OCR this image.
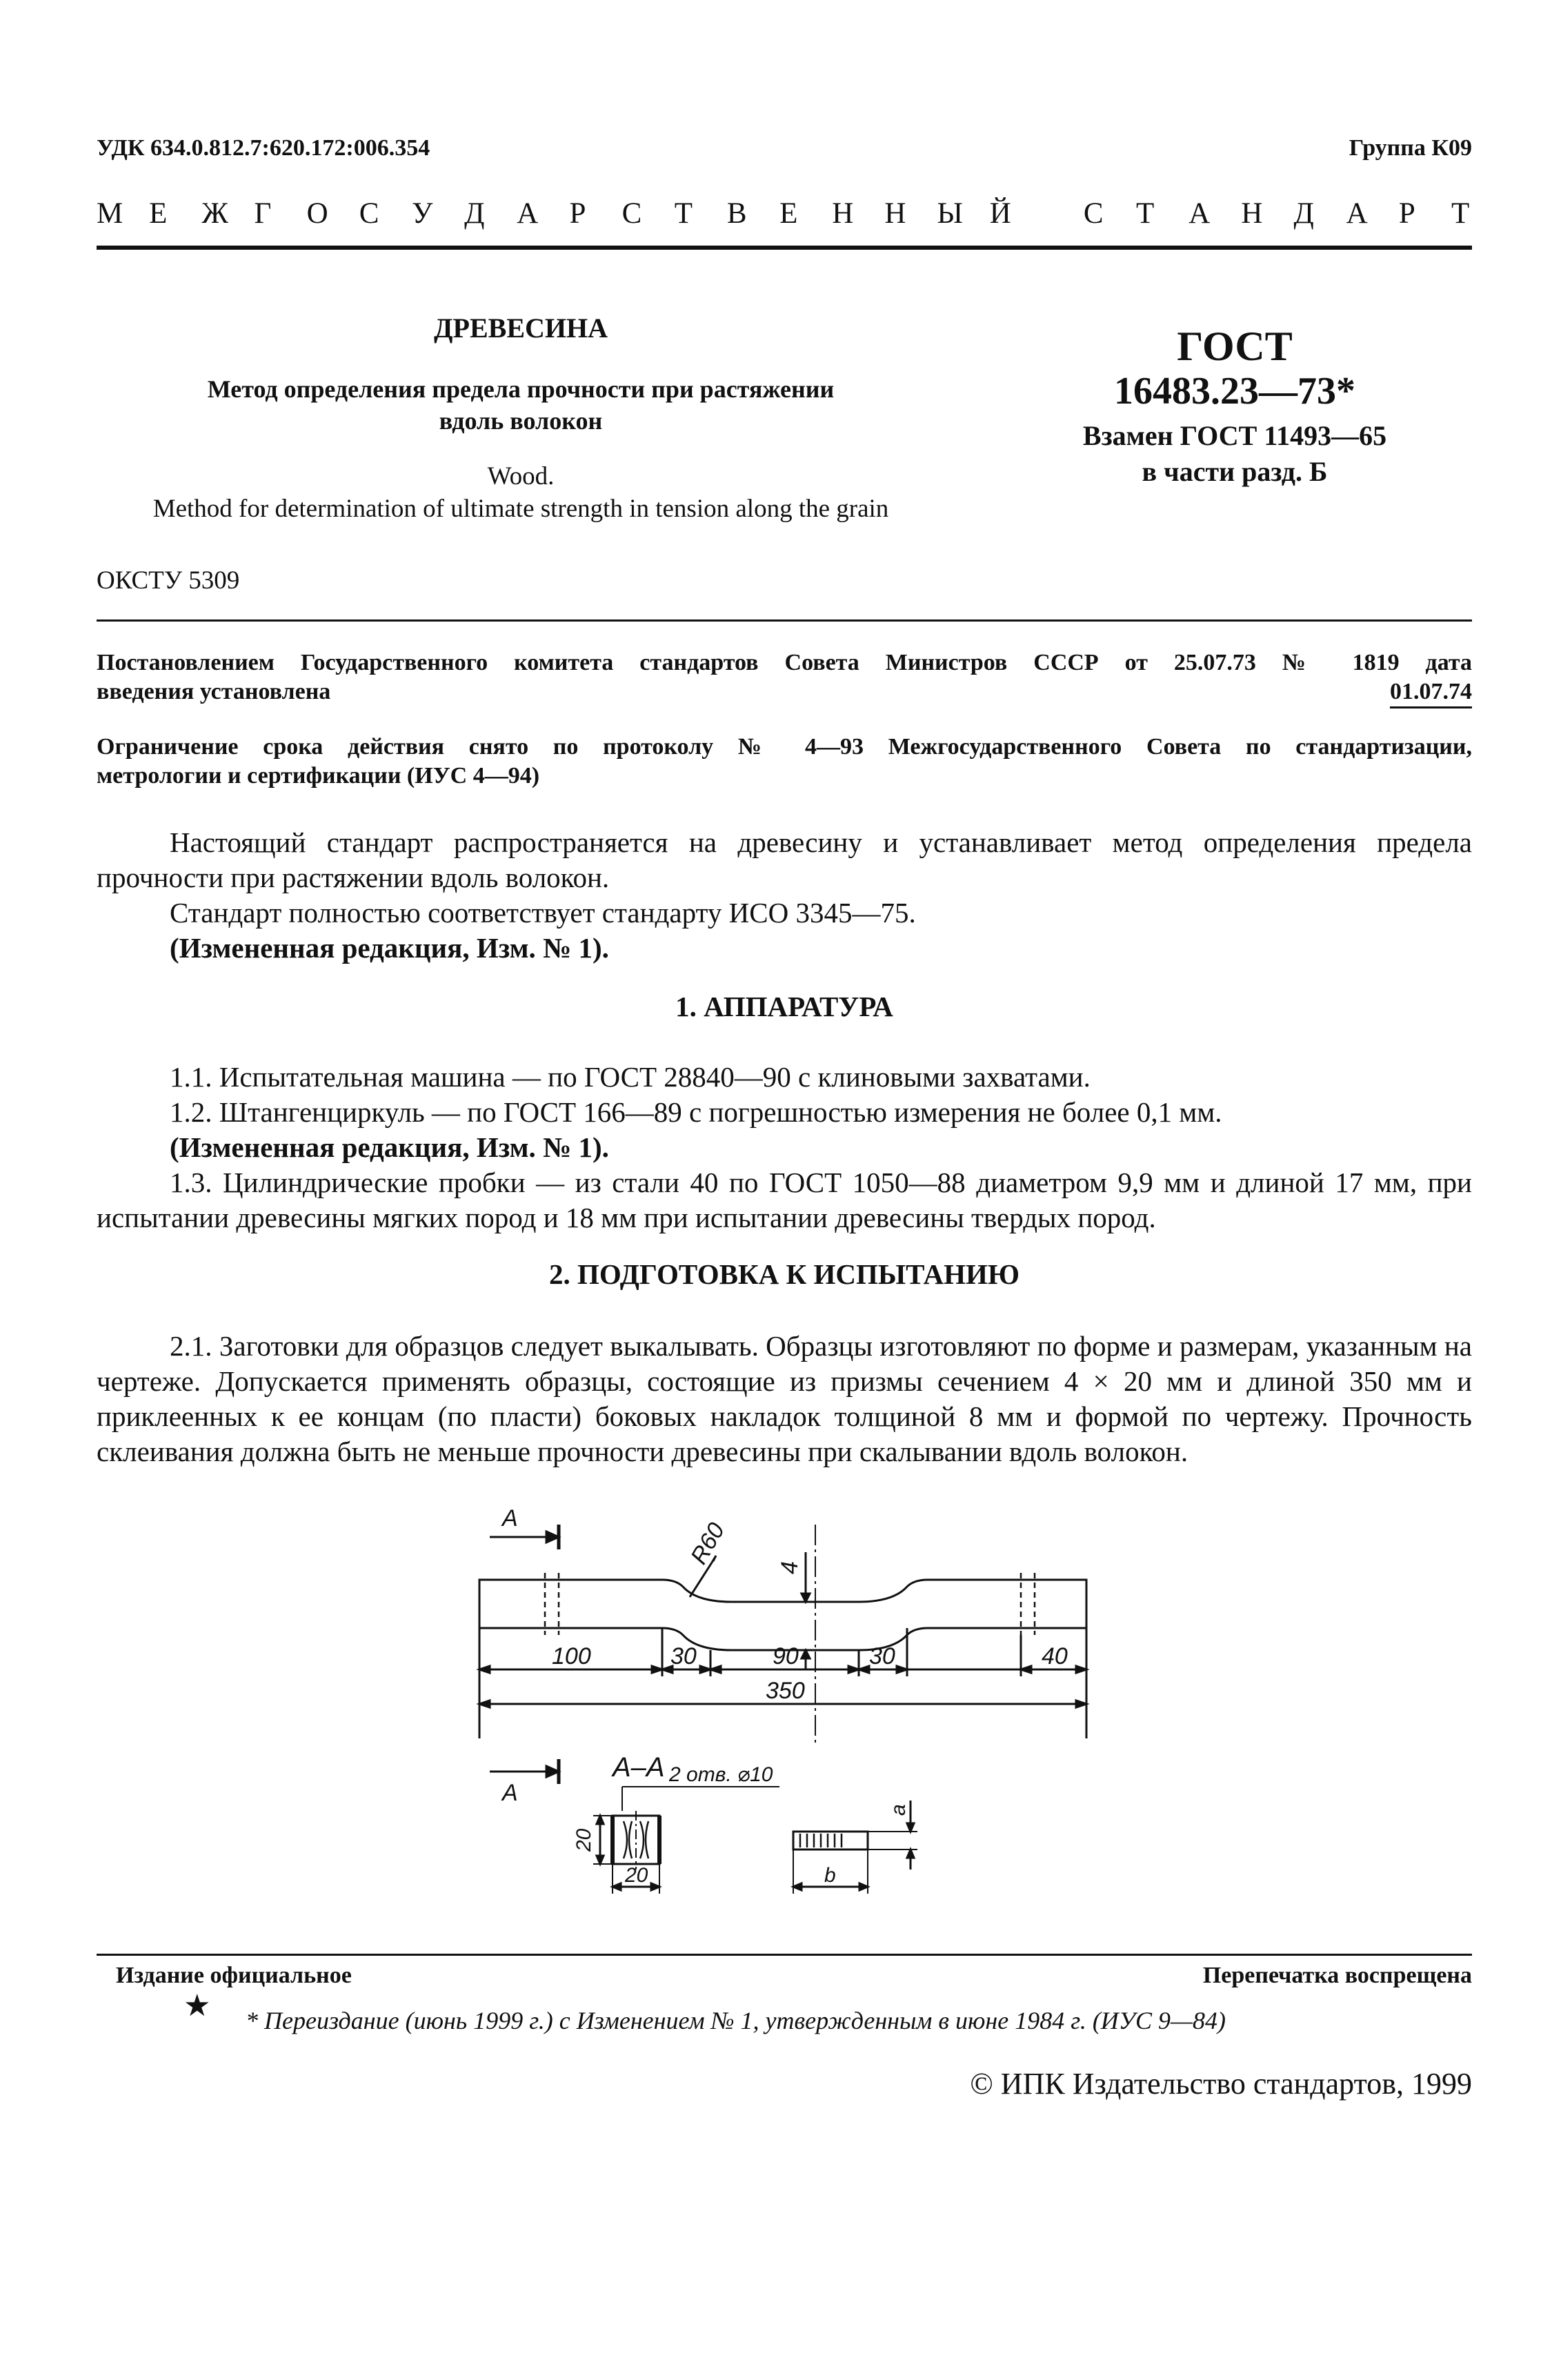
УДК 634.0.812.7:620.172:006.354	Группа К09
М Е Ж Г О С У Д А Р С Т В Е Н Н Ы Й С Т А Н Д А Р Т
ДРЕВЕСИНА
Метод определения предела прочности при растяжении
вдоль волокон
Wood.
Method for determination of ultimate strength in tension along the grain
ГОСТ
16483.23—73*
Взамен ГОСТ 11493—65
в части разд. Б
ОКСТУ 5309
Постановлением Государственного комитета стандартов Совета Министров СССР от 25.07.73 № 1819 дата
введения установлена	01.07.74
Ограничение срока действия снято по протоколу № 4—93 Межгосударственного Совета по стандартизации,
метрологии и сертификации (ИУС 4—94)
Настоящий стандарт распространяется на древесину и устанавливает метод определения предела прочности при растяжении вдоль волокон.
Стандарт полностью соответствует стандарту ИСО 3345—75.
(Измененная редакция, Изм. № 1).
1. АППАРАТУРА
1.1. Испытательная машина — по ГОСТ 28840—90 с клиновыми захватами.
1.2. Штангенциркуль — по ГОСТ 166—89 с погрешностью измерения не более 0,1 мм.
(Измененная редакция, Изм. № 1).
1.3. Цилиндрические пробки — из стали 40 по ГОСТ 1050—88 диаметром 9,9 мм и длиной 17 мм, при испытании древесины мягких пород и 18 мм при испытании древесины твердых пород.
2. ПОДГОТОВКА К ИСПЫТАНИЮ
2.1. Заготовки для образцов следует выкалывать. Образцы изготовляют по форме и размерам, указанным на чертеже. Допускается применять образцы, состоящие из призмы сечением 4 × 20 мм и длиной 350 мм и приклеенных к ее концам (по пласти) боковых накладок толщиной 8 мм и формой по чертежу. Прочность склеивания должна быть не меньше прочности древесины при скалывании вдоль волокон.
A	R60 4
100	30	90	30	40
350
A
A–A 2 отв. ⌀10
20
20
a
b
Издание официальное	Перепечатка воспрещена
★ * Переиздание (июнь 1999 г.) с Изменением № 1, утвержденным в июне 1984 г. (ИУС 9—84)
© ИПК Издательство стандартов, 1999
